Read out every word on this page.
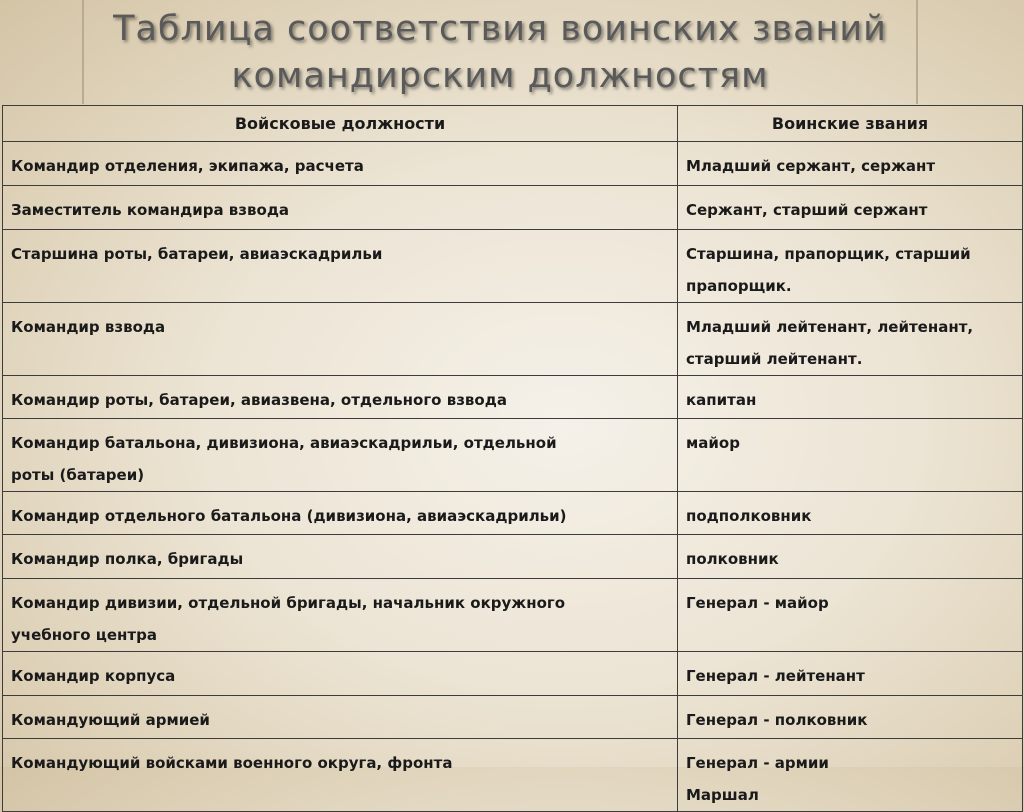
Таблица соответствия воинских званий
командирским должностям
Войсковые должности	Воинские звания

Командир отделения, экипажа, расчета	Младший сержант, сержант

Заместитель командира взвода	Сержант, старший сержант

Старшина роты, батареи, авиаэскадрильи	Старшина, прапорщик, старший
прапорщик.

Командир взвода	Младший лейтенант, лейтенант,
старший лейтенант.

Командир роты, батареи, авиазвена, отдельного взвода	капитан

Командир батальона, дивизиона, авиаэскадрильи, отдельной
роты (батареи)	майор

Командир отдельного батальона (дивизиона, авиаэскадрильи)	подполковник

Командир полка, бригады	полковник

Командир дивизии, отдельной бригады, начальник окружного
учебного центра	Генерал - майор

Командир корпуса	Генерал - лейтенант

Командующий армией	Генерал - полковник

Командующий войсками военного округа, фронта	Генерал - армии
Маршал
